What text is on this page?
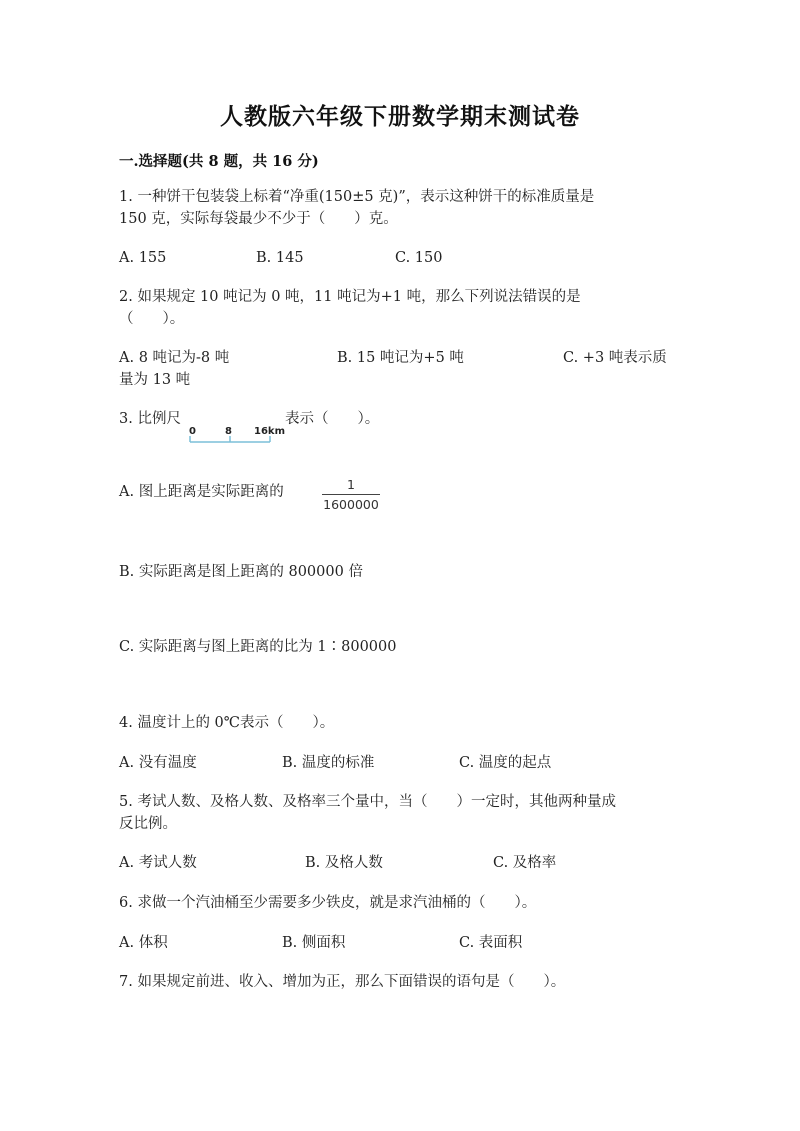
人教版六年级下册数学期末测试卷
一.选择题(共 8 题，共 16 分)
1. 一种饼干包装袋上标着“净重(150±5 克)”，表示这种饼干的标准质量是
150 克，实际每袋最少不少于（　　）克。
A. 155	B. 145	C. 150
2. 如果规定 10 吨记为 0 吨，11 吨记为+1 吨，那么下列说法错误的是
（　　）。
A. 8 吨记为-8 吨	B. 15 吨记为+5 吨	C. +3 吨表示质
量为 13 吨
3. 比例尺
0	8 16km
表示（　　）。
A. 图上距离是实际距离的	1
1600000
B. 实际距离是图上距离的 800000 倍
C. 实际距离与图上距离的比为 1∶800000
4. 温度计上的 0℃表示（　　）。
A. 没有温度	B. 温度的标准	C. 温度的起点
5. 考试人数、及格人数、及格率三个量中，当（　　）一定时，其他两种量成
反比例。
A. 考试人数	B. 及格人数	C. 及格率
6. 求做一个汽油桶至少需要多少铁皮，就是求汽油桶的（　　）。
A. 体积	B. 侧面积	C. 表面积
7. 如果规定前进、收入、增加为正，那么下面错误的语句是（　　）。
